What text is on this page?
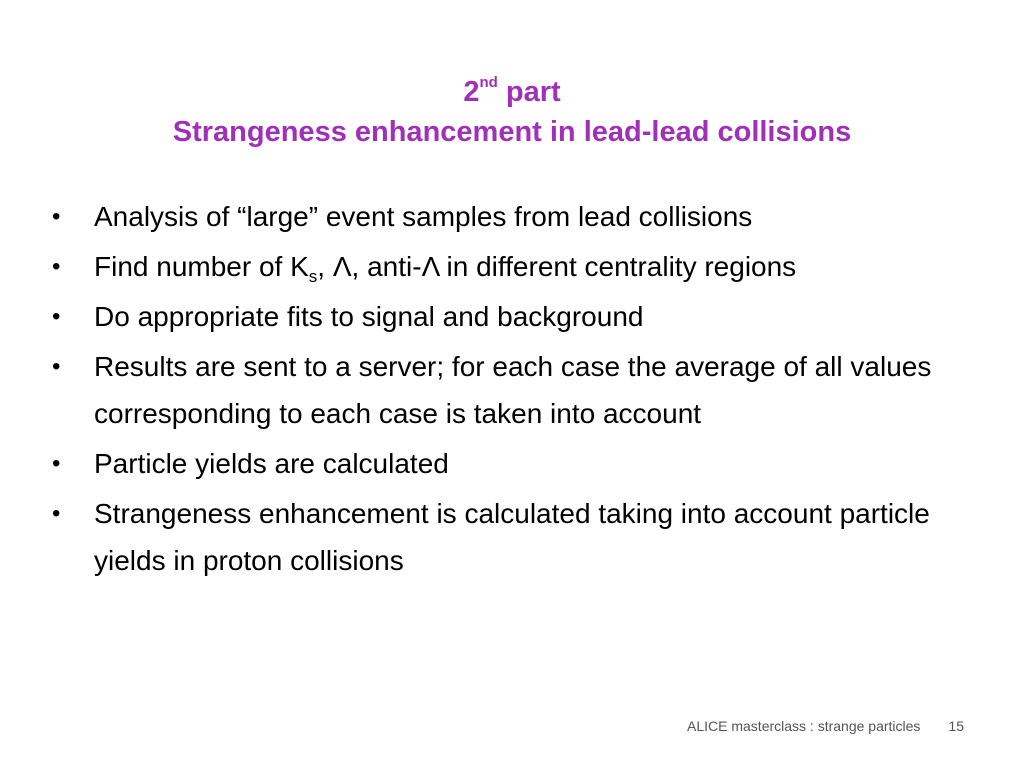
2nd part
Strangeness enhancement in lead-lead collisions
• Analysis of “large” event samples from lead collisions
• Find number of $K_s$, Λ, anti-Λ in different centrality regions
• Do appropriate fits to signal and background
• Results are sent to a server; for each case the average of all values corresponding to each case is taken into account
• Particle yields are calculated
• Strangeness enhancement is calculated taking into account particle yields in proton collisions
ALICE masterclass : strange particles 15
